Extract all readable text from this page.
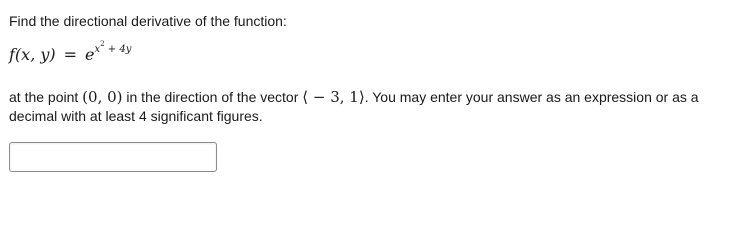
Find the directional derivative of the function:
f(x, $y) = e^{x^2 + 4y}$
at the point (0, 0) in the direction of the vector ⟨ − 3, 1⟩. You may enter your answer as an expression or as a decimal with at least 4 significant figures.
